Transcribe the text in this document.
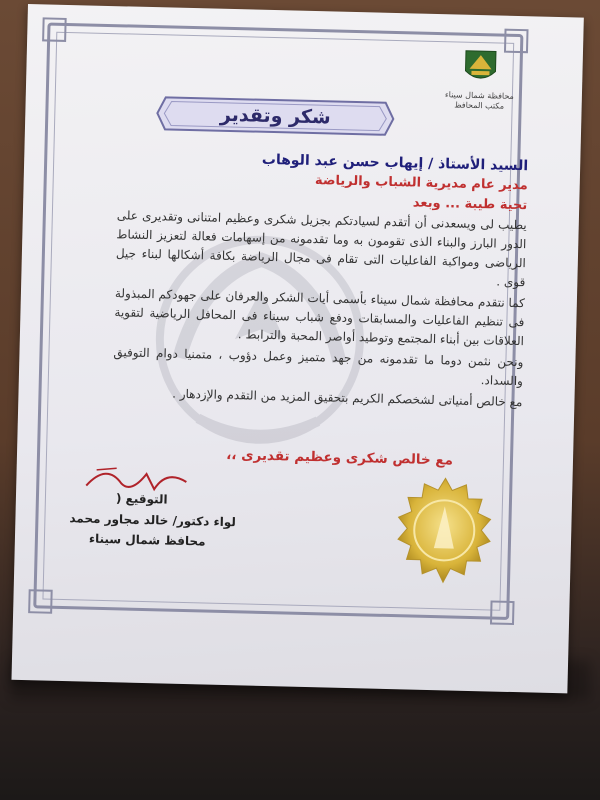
محافظة شمال سيناء
مكتب المحافظ
شكر وتقدير
السيد الأستاذ / إيهاب حسن عبد الوهاب
مدير عام مديرية الشباب والرياضة
تحية طيبة ... وبعد

يطيب لى ويسعدنى أن أتقدم لسيادتكم بجزيل شكرى وعظيم امتنانى وتقديرى على الدور البارز والبناء الذى تقومون به وما تقدمونه من إسهامات فعالة لتعزيز النشاط الرياضى ومواكبة الفاعليات التى تقام فى مجال الرياضة بكافة أشكالها لبناء جيل قوى .

كما نتقدم محافظة شمال سيناء بأسمى أيات الشكر والعرفان على جهودكم المبذولة فى تنظيم الفاعليات والمسابقات ودفع شباب سيناء فى المحافل الرياضية لتقوية العلاقات بين أبناء المجتمع وتوطيد أواصر المحبة والترابط .

ونحن نثمن دوما ما تقدمونه من جهد متميز وعمل دؤوب ، متمنيا دوام التوفيق والسداد.

مع خالص أمنياتى لشخصكم الكريم بتحقيق المزيد من التقدم والإزدهار .

مع خالص شكرى وعظيم تقديرى ،،
التوقيع (
لواء دكتور/ خالد مجاور محمد
محافظ شمال سيناء
